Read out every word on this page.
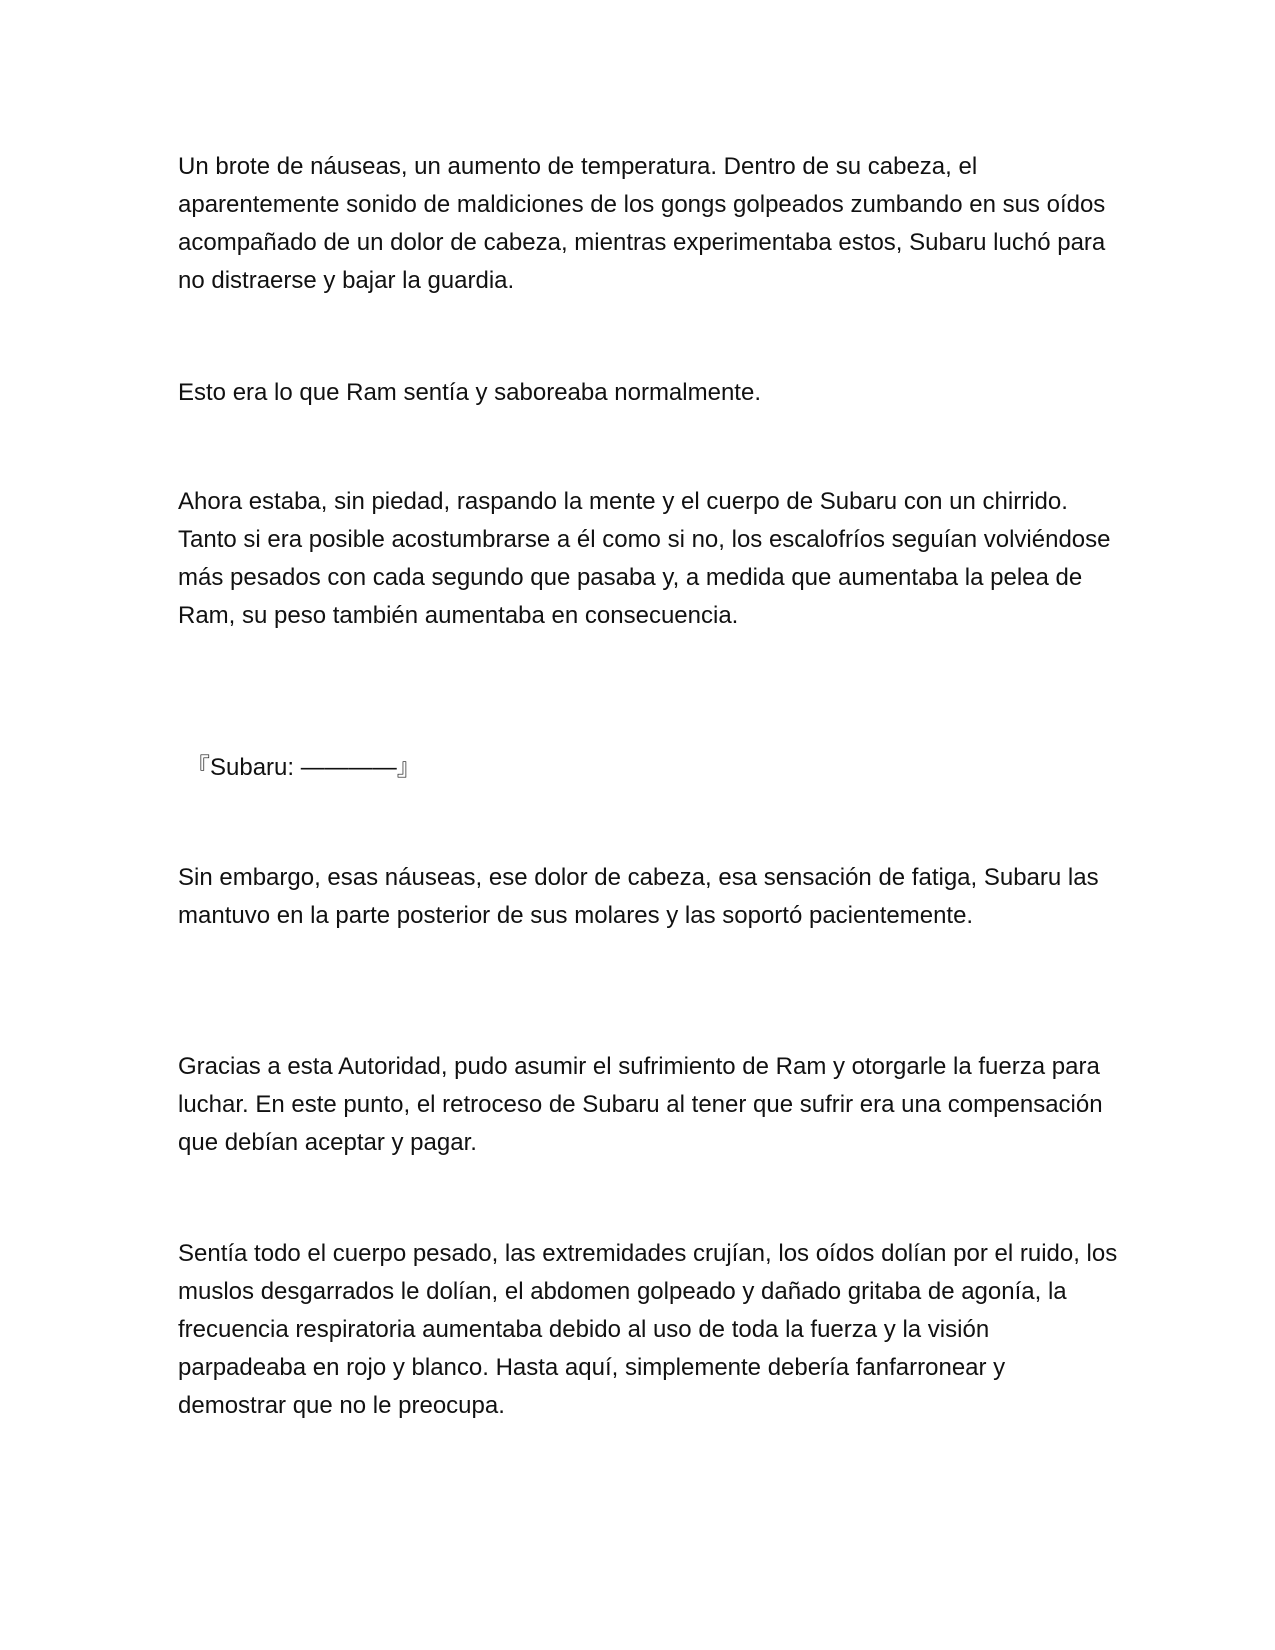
Un brote de náuseas, un aumento de temperatura. Dentro de su cabeza, el aparentemente sonido de maldiciones de los gongs golpeados zumbando en sus oídos acompañado de un dolor de cabeza, mientras experimentaba estos, Subaru luchó para no distraerse y bajar la guardia.

Esto era lo que Ram sentía y saboreaba normalmente.

Ahora estaba, sin piedad, raspando la mente y el cuerpo de Subaru con un chirrido. Tanto si era posible acostumbrarse a él como si no, los escalofríos seguían volviéndose más pesados con cada segundo que pasaba y, a medida que aumentaba la pelea de Ram, su peso también aumentaba en consecuencia.

『Subaru: ————』

Sin embargo, esas náuseas, ese dolor de cabeza, esa sensación de fatiga, Subaru las mantuvo en la parte posterior de sus molares y las soportó pacientemente.

Gracias a esta Autoridad, pudo asumir el sufrimiento de Ram y otorgarle la fuerza para luchar. En este punto, el retroceso de Subaru al tener que sufrir era una compensación que debían aceptar y pagar.

Sentía todo el cuerpo pesado, las extremidades crujían, los oídos dolían por el ruido, los muslos desgarrados le dolían, el abdomen golpeado y dañado gritaba de agonía, la frecuencia respiratoria aumentaba debido al uso de toda la fuerza y la visión parpadeaba en rojo y blanco. Hasta aquí, simplemente debería fanfarronear y demostrar que no le preocupa.
